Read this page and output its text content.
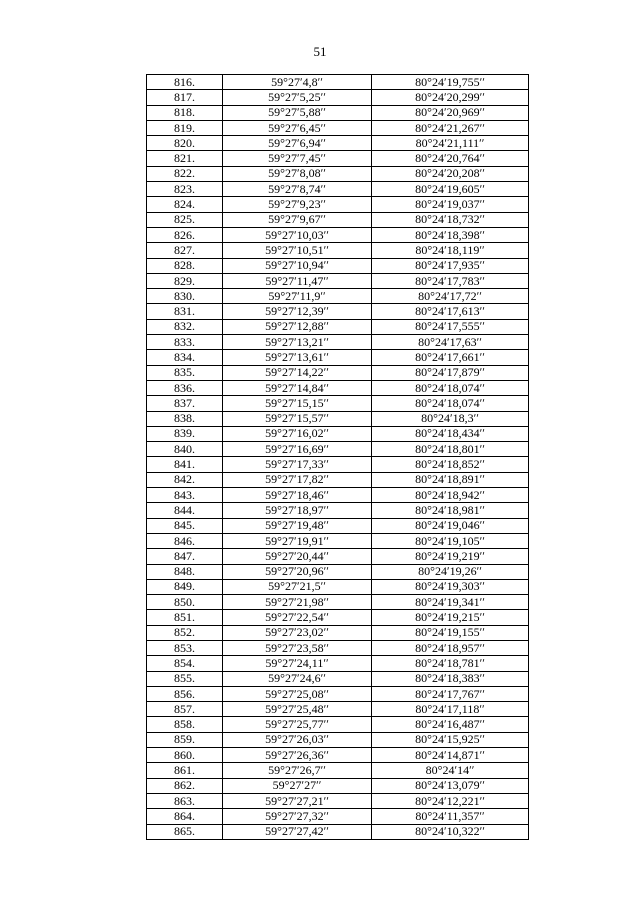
51
816.	59°27ʹ4,8ʹʹ	80°24ʹ19,755ʹʹ
817.	59°27ʹ5,25ʹʹ	80°24ʹ20,299ʹʹ
818.	59°27ʹ5,88ʹʹ	80°24ʹ20,969ʹʹ
819.	59°27ʹ6,45ʹʹ	80°24ʹ21,267ʹʹ
820.	59°27ʹ6,94ʹʹ	80°24ʹ21,111ʹʹ
821.	59°27ʹ7,45ʹʹ	80°24ʹ20,764ʹʹ
822.	59°27ʹ8,08ʹʹ	80°24ʹ20,208ʹʹ
823.	59°27ʹ8,74ʹʹ	80°24ʹ19,605ʹʹ
824.	59°27ʹ9,23ʹʹ	80°24ʹ19,037ʹʹ
825.	59°27ʹ9,67ʹʹ	80°24ʹ18,732ʹʹ
826.	59°27ʹ10,03ʹʹ	80°24ʹ18,398ʹʹ
827.	59°27ʹ10,51ʹʹ	80°24ʹ18,119ʹʹ
828.	59°27ʹ10,94ʹʹ	80°24ʹ17,935ʹʹ
829.	59°27ʹ11,47ʹʹ	80°24ʹ17,783ʹʹ
830.	59°27ʹ11,9ʹʹ	80°24ʹ17,72ʹʹ
831.	59°27ʹ12,39ʹʹ	80°24ʹ17,613ʹʹ
832.	59°27ʹ12,88ʹʹ	80°24ʹ17,555ʹʹ
833.	59°27ʹ13,21ʹʹ	80°24ʹ17,63ʹʹ
834.	59°27ʹ13,61ʹʹ	80°24ʹ17,661ʹʹ
835.	59°27ʹ14,22ʹʹ	80°24ʹ17,879ʹʹ
836.	59°27ʹ14,84ʹʹ	80°24ʹ18,074ʹʹ
837.	59°27ʹ15,15ʹʹ	80°24ʹ18,074ʹʹ
838.	59°27ʹ15,57ʹʹ	80°24ʹ18,3ʹʹ
839.	59°27ʹ16,02ʹʹ	80°24ʹ18,434ʹʹ
840.	59°27ʹ16,69ʹʹ	80°24ʹ18,801ʹʹ
841.	59°27ʹ17,33ʹʹ	80°24ʹ18,852ʹʹ
842.	59°27ʹ17,82ʹʹ	80°24ʹ18,891ʹʹ
843.	59°27ʹ18,46ʹʹ	80°24ʹ18,942ʹʹ
844.	59°27ʹ18,97ʹʹ	80°24ʹ18,981ʹʹ
845.	59°27ʹ19,48ʹʹ	80°24ʹ19,046ʹʹ
846.	59°27ʹ19,91ʹʹ	80°24ʹ19,105ʹʹ
847.	59°27ʹ20,44ʹʹ	80°24ʹ19,219ʹʹ
848.	59°27ʹ20,96ʹʹ	80°24ʹ19,26ʹʹ
849.	59°27ʹ21,5ʹʹ	80°24ʹ19,303ʹʹ
850.	59°27ʹ21,98ʹʹ	80°24ʹ19,341ʹʹ
851.	59°27ʹ22,54ʹʹ	80°24ʹ19,215ʹʹ
852.	59°27ʹ23,02ʹʹ	80°24ʹ19,155ʹʹ
853.	59°27ʹ23,58ʹʹ	80°24ʹ18,957ʹʹ
854.	59°27ʹ24,11ʹʹ	80°24ʹ18,781ʹʹ
855.	59°27ʹ24,6ʹʹ	80°24ʹ18,383ʹʹ
856.	59°27ʹ25,08ʹʹ	80°24ʹ17,767ʹʹ
857.	59°27ʹ25,48ʹʹ	80°24ʹ17,118ʹʹ
858.	59°27ʹ25,77ʹʹ	80°24ʹ16,487ʹʹ
859.	59°27ʹ26,03ʹʹ	80°24ʹ15,925ʹʹ
860.	59°27ʹ26,36ʹʹ	80°24ʹ14,871ʹʹ
861.	59°27ʹ26,7ʹʹ	80°24ʹ14ʹʹ
862.	59°27ʹ27ʹʹ	80°24ʹ13,079ʹʹ
863.	59°27ʹ27,21ʹʹ	80°24ʹ12,221ʹʹ
864.	59°27ʹ27,32ʹʹ	80°24ʹ11,357ʹʹ
865.	59°27ʹ27,42ʹʹ	80°24ʹ10,322ʹʹ
